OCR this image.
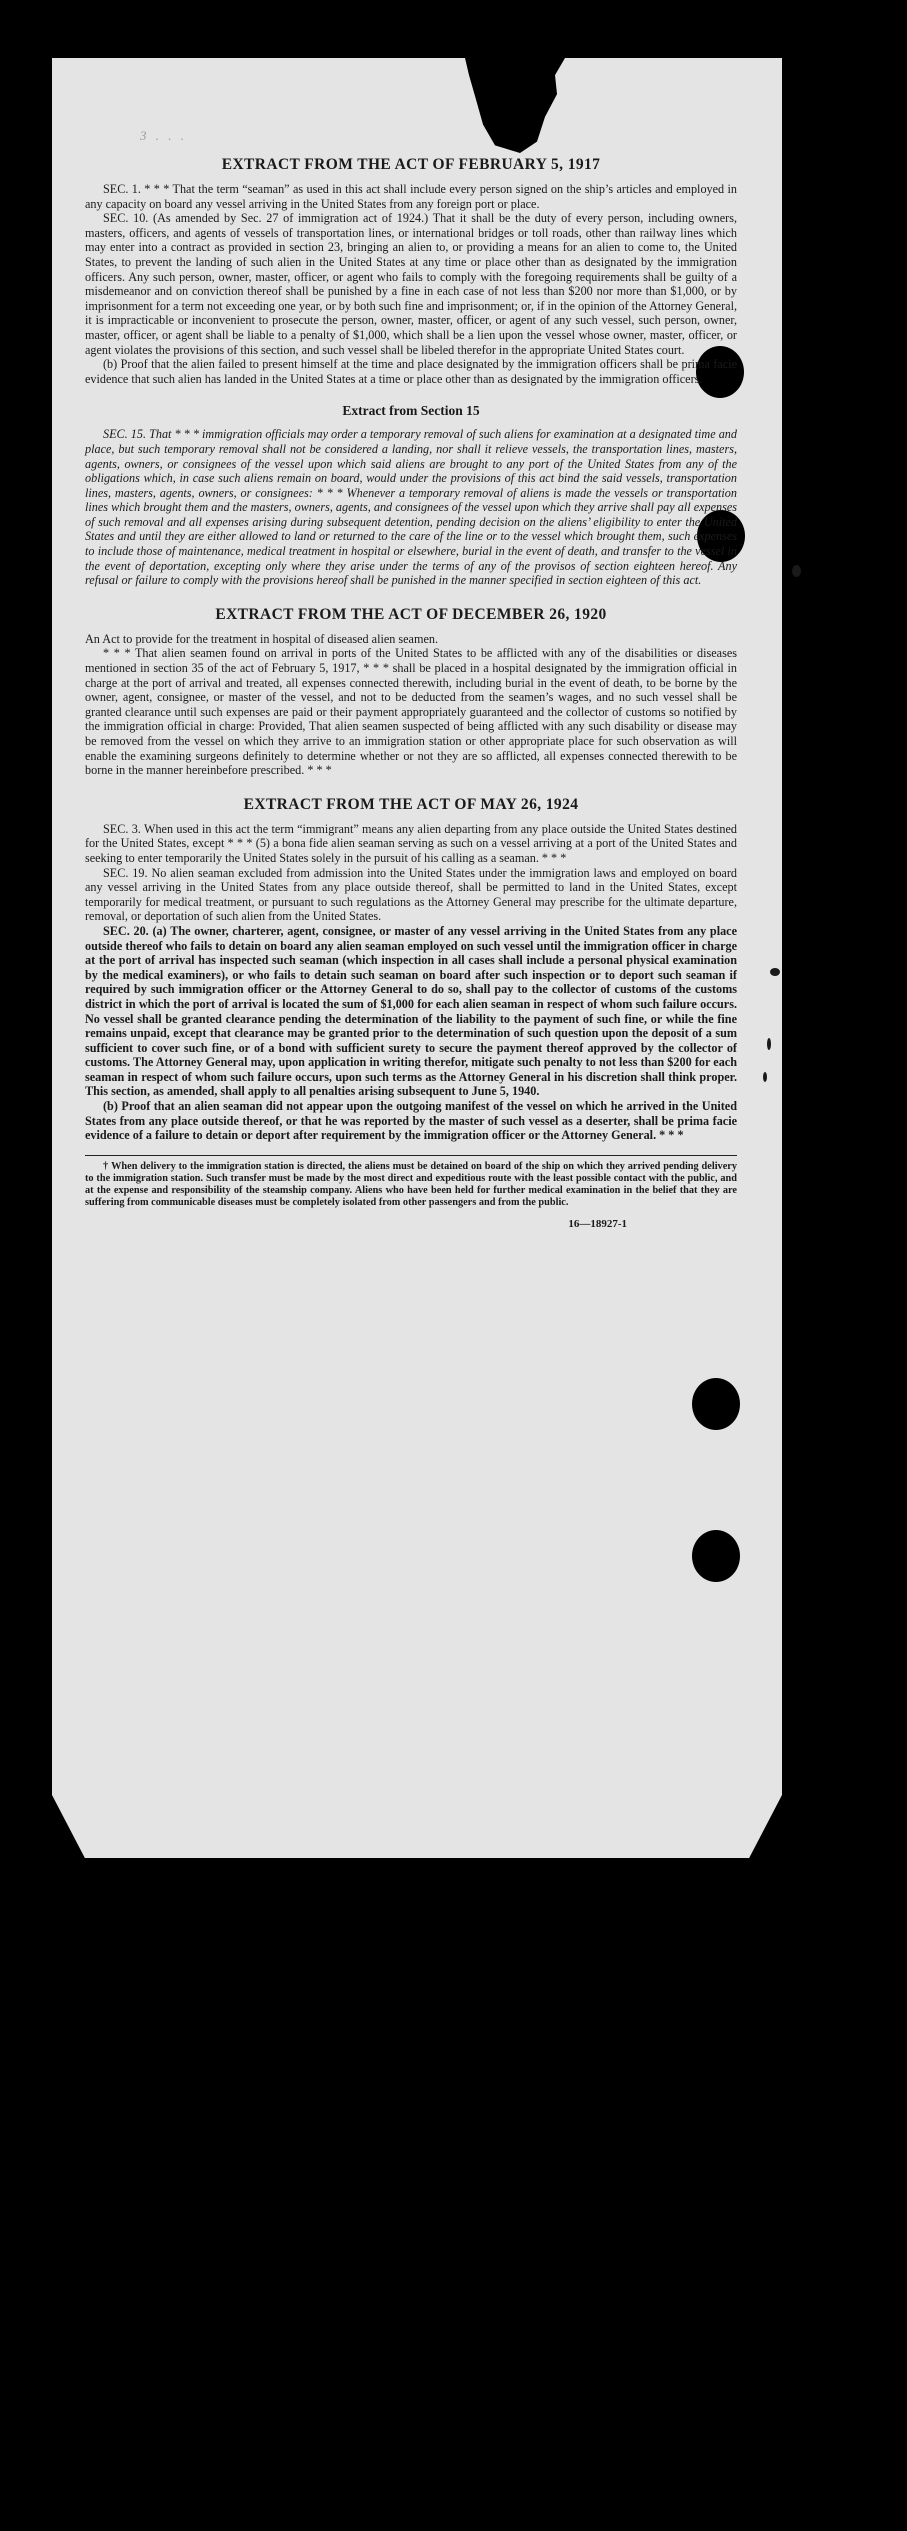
3 . . .
EXTRACT FROM THE ACT OF FEBRUARY 5, 1917

SEC. 1. * * * That the term “seaman” as used in this act shall include every person signed on the ship’s articles and employed in any capacity on board any vessel arriving in the United States from any foreign port or place.

SEC. 10. (As amended by Sec. 27 of immigration act of 1924.) That it shall be the duty of every person, including owners, masters, officers, and agents of vessels of transportation lines, or international bridges or toll roads, other than railway lines which may enter into a contract as provided in section 23, bringing an alien to, or providing a means for an alien to come to, the United States, to prevent the landing of such alien in the United States at any time or place other than as designated by the immigration officers. Any such person, owner, master, officer, or agent who fails to comply with the foregoing requirements shall be guilty of a misdemeanor and on conviction thereof shall be punished by a fine in each case of not less than $200 nor more than $1,000, or by imprisonment for a term not exceeding one year, or by both such fine and imprisonment; or, if in the opinion of the Attorney General, it is impracticable or inconvenient to prosecute the person, owner, master, officer, or agent of any such vessel, such person, owner, master, officer, or agent shall be liable to a penalty of $1,000, which shall be a lien upon the vessel whose owner, master, officer, or agent violates the provisions of this section, and such vessel shall be libeled therefor in the appropriate United States court.

(b) Proof that the alien failed to present himself at the time and place designated by the immigration officers shall be prima facie evidence that such alien has landed in the United States at a time or place other than as designated by the immigration officers.

Extract from Section 15

SEC. 15. That * * * immigration officials may order a temporary removal of such aliens for examination at a designated time and place, but such temporary removal shall not be considered a landing, nor shall it relieve vessels, the transportation lines, masters, agents, owners, or consignees of the vessel upon which said aliens are brought to any port of the United States from any of the obligations which, in case such aliens remain on board, would under the provisions of this act bind the said vessels, transportation lines, masters, agents, owners, or consignees: * * * Whenever a temporary removal of aliens is made the vessels or transportation lines which brought them and the masters, owners, agents, and consignees of the vessel upon which they arrive shall pay all expenses of such removal and all expenses arising during subsequent detention, pending decision on the aliens’ eligibility to enter the United States and until they are either allowed to land or returned to the care of the line or to the vessel which brought them, such expenses to include those of maintenance, medical treatment in hospital or elsewhere, burial in the event of death, and transfer to the vessel in the event of deportation, excepting only where they arise under the terms of any of the provisos of section eighteen hereof. Any refusal or failure to comply with the provisions hereof shall be punished in the manner specified in section eighteen of this act.

EXTRACT FROM THE ACT OF DECEMBER 26, 1920

An Act to provide for the treatment in hospital of diseased alien seamen.

* * * That alien seamen found on arrival in ports of the United States to be afflicted with any of the disabilities or diseases mentioned in section 35 of the act of February 5, 1917, * * * shall be placed in a hospital designated by the immigration official in charge at the port of arrival and treated, all expenses connected therewith, including burial in the event of death, to be borne by the owner, agent, consignee, or master of the vessel, and not to be deducted from the seamen’s wages, and no such vessel shall be granted clearance until such expenses are paid or their payment appropriately guaranteed and the collector of customs so notified by the immigration official in charge: Provided, That alien seamen suspected of being afflicted with any such disability or disease may be removed from the vessel on which they arrive to an immigration station or other appropriate place for such observation as will enable the examining surgeons definitely to determine whether or not they are so afflicted, all expenses connected therewith to be borne in the manner hereinbefore prescribed. * * *

EXTRACT FROM THE ACT OF MAY 26, 1924

SEC. 3. When used in this act the term “immigrant” means any alien departing from any place outside the United States destined for the United States, except * * * (5) a bona fide alien seaman serving as such on a vessel arriving at a port of the United States and seeking to enter temporarily the United States solely in the pursuit of his calling as a seaman. * * *

SEC. 19. No alien seaman excluded from admission into the United States under the immigration laws and employed on board any vessel arriving in the United States from any place outside thereof, shall be permitted to land in the United States, except temporarily for medical treatment, or pursuant to such regulations as the Attorney General may prescribe for the ultimate departure, removal, or deportation of such alien from the United States.

SEC. 20. (a) The owner, charterer, agent, consignee, or master of any vessel arriving in the United States from any place outside thereof who fails to detain on board any alien seaman employed on such vessel until the immigration officer in charge at the port of arrival has inspected such seaman (which inspection in all cases shall include a personal physical examination by the medical examiners), or who fails to detain such seaman on board after such inspection or to deport such seaman if required by such immigration officer or the Attorney General to do so, shall pay to the collector of customs of the customs district in which the port of arrival is located the sum of $1,000 for each alien seaman in respect of whom such failure occurs. No vessel shall be granted clearance pending the determination of the liability to the payment of such fine, or while the fine remains unpaid, except that clearance may be granted prior to the determination of such question upon the deposit of a sum sufficient to cover such fine, or of a bond with sufficient surety to secure the payment thereof approved by the collector of customs. The Attorney General may, upon application in writing therefor, mitigate such penalty to not less than $200 for each seaman in respect of whom such failure occurs, upon such terms as the Attorney General in his discretion shall think proper. This section, as amended, shall apply to all penalties arising subsequent to June 5, 1940.

(b) Proof that an alien seaman did not appear upon the outgoing manifest of the vessel on which he arrived in the United States from any place outside thereof, or that he was reported by the master of such vessel as a deserter, shall be prima facie evidence of a failure to detain or deport after requirement by the immigration officer or the Attorney General. * * *

† When delivery to the immigration station is directed, the aliens must be detained on board of the ship on which they arrived pending delivery to the immigration station. Such transfer must be made by the most direct and expeditious route with the least possible contact with the public, and at the expense and responsibility of the steamship company. Aliens who have been held for further medical examination in the belief that they are suffering from communicable diseases must be completely isolated from other passengers and from the public.

16—18927-1
